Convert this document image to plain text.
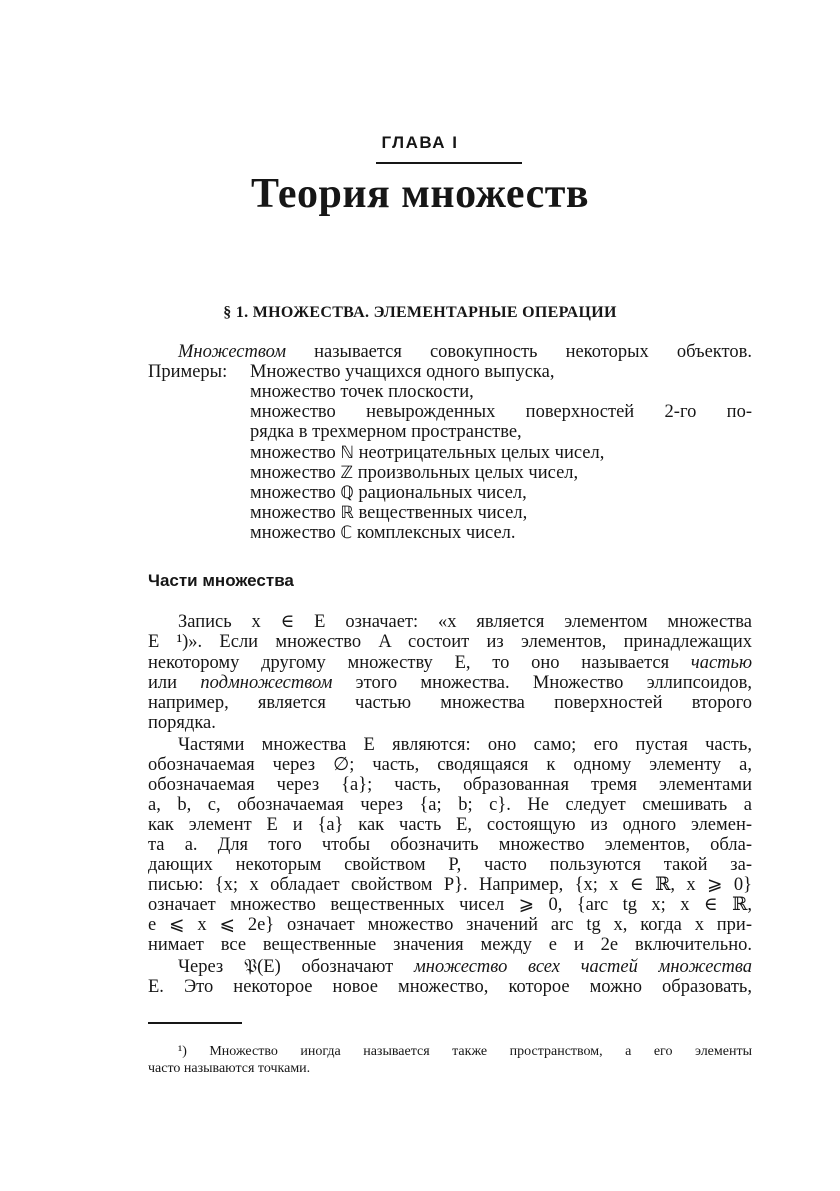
ГЛАВА I
Теория множеств
§ 1. МНОЖЕСТВА. ЭЛЕМЕНТАРНЫЕ ОПЕРАЦИИ
Множеством называется совокупность некоторых объектов.
Примеры: Множество учащихся одного выпуска,
множество точек плоскости,
множество невырожденных поверхностей 2-го по-
рядка в трехмерном пространстве,
множество ℕ неотрицательных целых чисел,
множество ℤ произвольных целых чисел,
множество ℚ рациональных чисел,
множество ℝ вещественных чисел,
множество ℂ комплексных чисел.
Части множества
Запись x ∈ E означает: «x является элементом множества
E ¹)». Если множество A состоит из элементов, принадлежащих
некоторому другому множеству E, то оно называется частью
или подмножеством этого множества. Множество эллипсоидов,
например, является частью множества поверхностей второго
порядка.
Частями множества E являются: оно само; его пустая часть,
обозначаемая через ∅; часть, сводящаяся к одному элементу a,
обозначаемая через {a}; часть, образованная тремя элементами
a, b, c, обозначаемая через {a; b; c}. Не следует смешивать a
как элемент E и {a} как часть E, состоящую из одного элемен-
та a. Для того чтобы обозначить множество элементов, обла-
дающих некоторым свойством P, часто пользуются такой за-
писью: {x; x обладает свойством P}. Например, {x; x ∈ ℝ, x ⩾ 0}
означает множество вещественных чисел ⩾ 0, {arc tg x; x ∈ ℝ,
e ⩽ x ⩽ 2e} означает множество значений arc tg x, когда x при-
нимает все вещественные значения между e и 2e включительно.
Через 𝔓(E) обозначают множество всех частей множества
E. Это некоторое новое множество, которое можно образовать,
¹) Множество иногда называется также пространством, а его элементы
часто называются точками.
